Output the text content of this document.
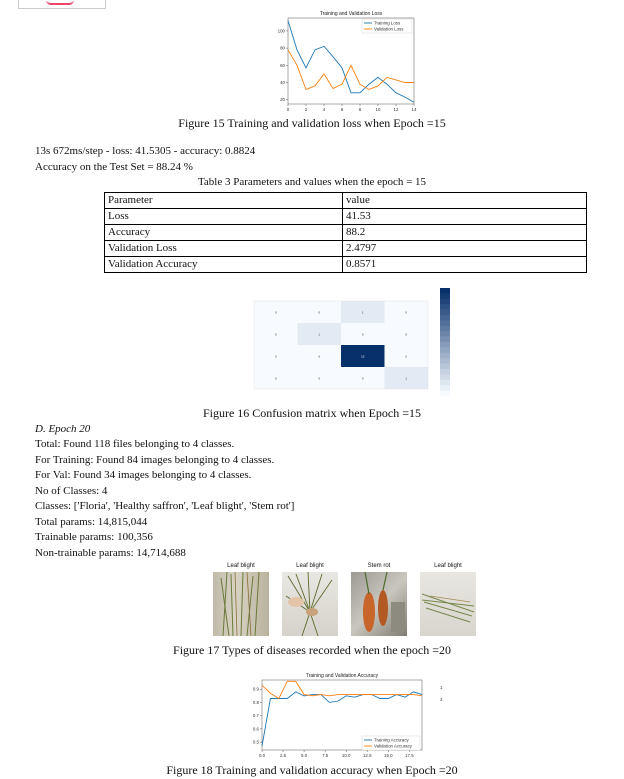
Training and Validation Loss
20
40
60
80
100
0	2	4	6	8	10	12	14
Training Loss
Validation Loss
Figure 15 Training and validation loss when Epoch =15
13s 672ms/step - loss: 41.5305 - accuracy: 0.8824
Accuracy on the Test Set = 88.24 %
Table 3 Parameters and values when the epoch = 15
Parameter	value
Loss	41.53
Accuracy	88.2
Validation Loss	2.4797
Validation Accuracy	0.8571
0	0	1	0
0	1	0	0
0	0	12	0
0	0	0	1
Figure 16 Confusion matrix when Epoch =15
D. Epoch 20
Total: Found 118 files belonging to 4 classes.
For Training: Found 84 images belonging to 4 classes.
For Val: Found 34 images belonging to 4 classes.
No of Classes: 4
Classes: ['Floria', 'Healthy saffron', 'Leaf blight', 'Stem rot']
Total params: 14,815,044
Trainable params: 100,356
Non-trainable params: 14,714,688
Leaf blight	Leaf blight	Stem rot	Leaf blight
Figure 17 Types of diseases recorded when the epoch =20
Training and Validation Accuracy
0.5
0.6
0.7
0.8
0.9
0.0	2.5	5.0	7.5	10.0	12.5	15.0	17.5
Training Accuracy
Validation Accuracy
1
3
Figure 18 Training and validation accuracy when Epoch =20
